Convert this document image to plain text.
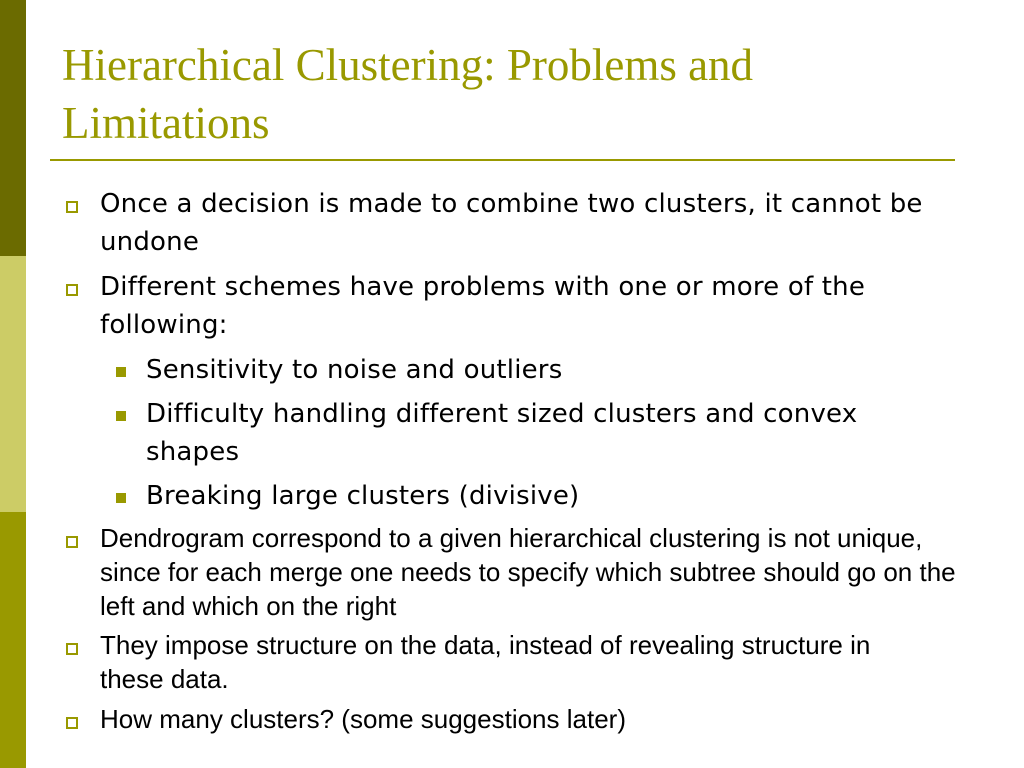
Hierarchical Clustering: Problems and Limitations

Once a decision is made to combine two clusters, it cannot be undone

Different schemes have problems with one or more of the following:

Sensitivity to noise and outliers

Difficulty handling different sized clusters and convex shapes

Breaking large clusters (divisive)

Dendrogram correspond to a given hierarchical clustering is not unique, since for each merge one needs to specify which subtree should go on the left and which on the right

They impose structure on the data, instead of revealing structure in these data.

How many clusters? (some suggestions later)
